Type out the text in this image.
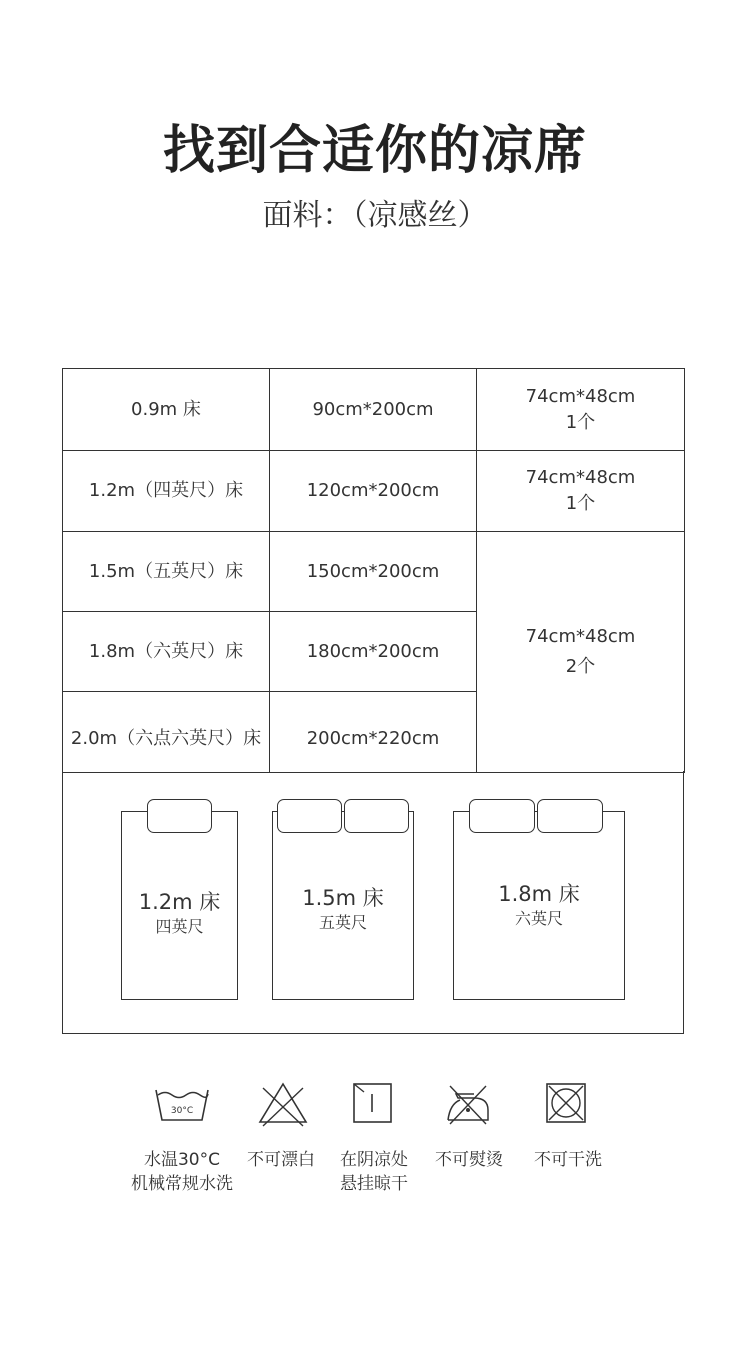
找到合适你的凉席
面料：（凉感丝）
0.9m 床	90cm*200cm	74cm*48cm
1个

1.2m（四英尺）床	120cm*200cm	74cm*48cm
1个

1.5m（五英尺）床	150cm*200cm	74cm*48cm
2个

1.8m（六英尺）床	180cm*200cm	
2.0m（六点六英尺）床	200cm*220cm	
1.2m 床
四英尺
1.5m 床
五英尺
1.8m 床
六英尺
30°C
水温30°C
机械常规水洗
不可漂白	在阴凉处
悬挂晾干
不可熨烫	不可干洗
